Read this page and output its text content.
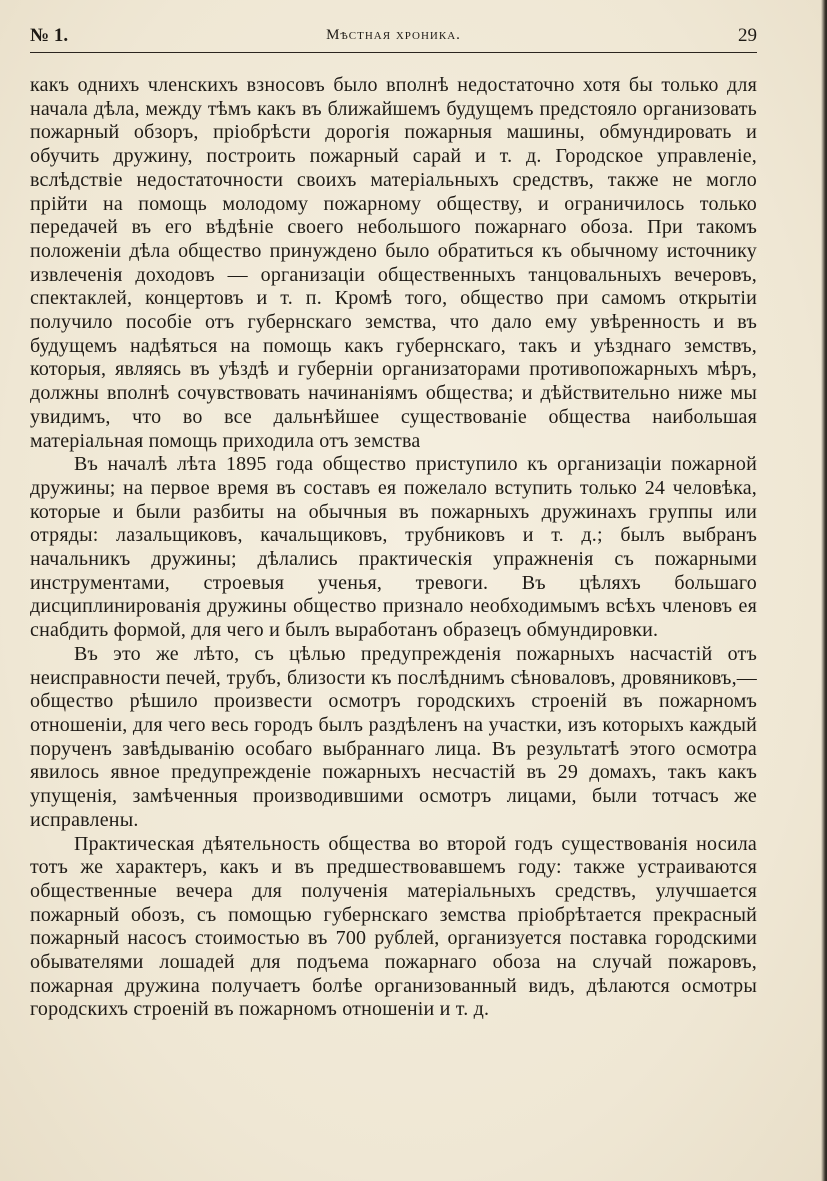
№ 1.	Мѣстная хроника.	29

какъ однихъ членскихъ взносовъ было вполнѣ недостаточно хотя бы только для начала дѣла, между тѣмъ какъ въ ближайшемъ будущемъ предстояло организовать пожарный обзоръ, пріобрѣсти дорогія пожарныя машины, обмундировать и обучить дружину, построить пожарный сарай и т. д. Городское управленіе, вслѣдствіе недостаточности своихъ матеріальныхъ средствъ, также не могло прійти на помощь молодому пожарному обществу, и ограничилось только передачей въ его вѣдѣніе своего небольшого пожарнаго обоза. При такомъ положеніи дѣла общество принуждено было обратиться къ обычному источнику извлеченія доходовъ — организаціи общественныхъ танцовальныхъ вечеровъ, спектаклей, концертовъ и т. п. Кромѣ того, общество при самомъ открытіи получило пособіе отъ губернскаго земства, что дало ему увѣренность и въ будущемъ надѣяться на помощь какъ губернскаго, такъ и уѣзднаго земствъ, которыя, являясь въ уѣздѣ и губерніи организаторами противопожарныхъ мѣръ, должны вполнѣ сочувствовать начинаніямъ общества; и дѣйствительно ниже мы увидимъ, что во все дальнѣйшее существованіе общества наибольшая матеріальная помощь приходила отъ земства

Въ началѣ лѣта 1895 года общество приступило къ организаціи пожарной дружины; на первое время въ составъ ея пожелало вступить только 24 человѣка, которые и были разбиты на обычныя въ пожарныхъ дружинахъ группы или отряды: лазальщиковъ, качальщиковъ, трубниковъ и т. д.; былъ выбранъ начальникъ дружины; дѣлались практическія упражненія съ пожарными инструментами, строевыя ученья, тревоги. Въ цѣляхъ большаго дисциплинированія дружины общество признало необходимымъ всѣхъ членовъ ея снабдить формой, для чего и былъ выработанъ образецъ обмундировки.

Въ это же лѣто, съ цѣлью предупрежденія пожарныхъ насчастій отъ неисправности печей, трубъ, близости къ послѣднимъ сѣноваловъ, дровяниковъ,—общество рѣшило произвести осмотръ городскихъ строеній въ пожарномъ отношеніи, для чего весь городъ былъ раздѣленъ на участки, изъ которыхъ каждый порученъ завѣдыванію особаго выбраннаго лица. Въ результатѣ этого осмотра явилось явное предупрежденіе пожарныхъ несчастій въ 29 домахъ, такъ какъ упущенія, замѣченныя производившими осмотръ лицами, были тотчасъ же исправлены.

Практическая дѣятельность общества во второй годъ существованія носила тотъ же характеръ, какъ и въ предшествовавшемъ году: также устраиваются общественные вечера для полученія матеріальныхъ средствъ, улучшается пожарный обозъ, съ помощью губернскаго земства пріобрѣтается прекрасный пожарный насосъ стоимостью въ 700 рублей, организуется поставка городскими обывателями лошадей для подъема пожарнаго обоза на случай пожаровъ, пожарная дружина получаетъ болѣе организованный видъ, дѣлаются осмотры городскихъ строеній въ пожарномъ отношеніи и т. д.
